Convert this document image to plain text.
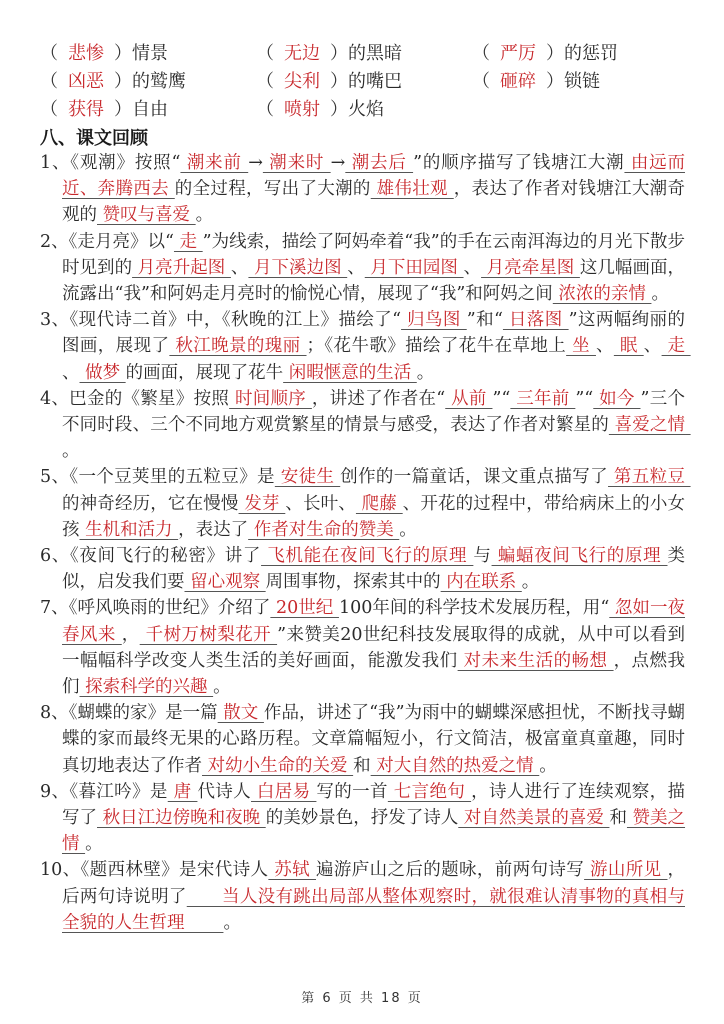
（ 悲惨 ）情景	（ 无边 ）的黑暗	（ 严厉 ）的惩罚
（ 凶恶 ）的鹫鹰	（ 尖利 ）的嘴巴	（ 砸碎 ）锁链
（ 获得 ）自由	（ 喷射 ）火焰
八、课文回顾
1、《观潮》按照“ 潮来前 → 潮来时 → 潮去后 ”的顺序描写了钱塘江大潮 由远而近、奔腾西去 的全过程，写出了大潮的 雄伟壮观 ，表达了作者对钱塘江大潮奇观的 赞叹与喜爱 。
2、《走月亮》以“ 走 ”为线索，描绘了阿妈牵着“我”的手在云南洱海边的月光下散步时见到的 月亮升起图 、 月下溪边图 、 月下田园图 、 月亮牵星图 这几幅画面，流露出“我”和阿妈走月亮时的愉悦心情，展现了“我”和阿妈之间 浓浓的亲情 。
3、《现代诗二首》中，《秋晚的江上》描绘了“ 归鸟图 ”和“ 日落图 ”这两幅绚丽的图画，展现了 秋江晚景的瑰丽 ；《花牛歌》描绘了花牛在草地上 坐 、 眠 、 走 、 做梦 的画面，展现了花牛 闲暇惬意的生活 。
4、巴金的《繁星》按照 时间顺序 ，讲述了作者在“ 从前 ”“ 三年前 ”“ 如今 ”三个不同时段、三个不同地方观赏繁星的情景与感受，表达了作者对繁星的 喜爱之情 。
5、《一个豆荚里的五粒豆》是 安徒生 创作的一篇童话，课文重点描写了 第五粒豆 的神奇经历，它在慢慢 发芽 、长叶、 爬藤 、开花的过程中，带给病床上的小女孩 生机和活力 ，表达了 作者对生命的赞美 。
6、《夜间飞行的秘密》讲了 飞机能在夜间飞行的原理 与 蝙蝠夜间飞行的原理 类似，启发我们要 留心观察 周围事物，探索其中的 内在联系 。
7、《呼风唤雨的世纪》介绍了 20世纪 100年间的科学技术发展历程，用“ 忽如一夜春风来 ， 千树万树梨花开 ”来赞美20世纪科技发展取得的成就，从中可以看到一幅幅科学改变人类生活的美好画面，能激发我们 对未来生活的畅想 ，点燃我们 探索科学的兴趣 。
8、《蝴蝶的家》是一篇 散文 作品，讲述了“我”为雨中的蝴蝶深感担忧，不断找寻蝴蝶的家而最终无果的心路历程。文章篇幅短小，行文简洁，极富童真童趣，同时真切地表达了作者 对幼小生命的关爱 和 对大自然的热爱之情 。
9、《暮江吟》是 唐 代诗人 白居易 写的一首 七言绝句 ，诗人进行了连续观察，描写了 秋日江边傍晚和夜晚 的美妙景色，抒发了诗人 对自然美景的喜爱 和 赞美之情 。
10、《题西林壁》是宋代诗人 苏轼 遍游庐山之后的题咏，前两句诗写 游山所见 ，后两句诗说明了      当人没有跳出局部从整体观察时，就很难认清事物的真相与全貌的人生哲理       。
第 6 页 共 18 页
